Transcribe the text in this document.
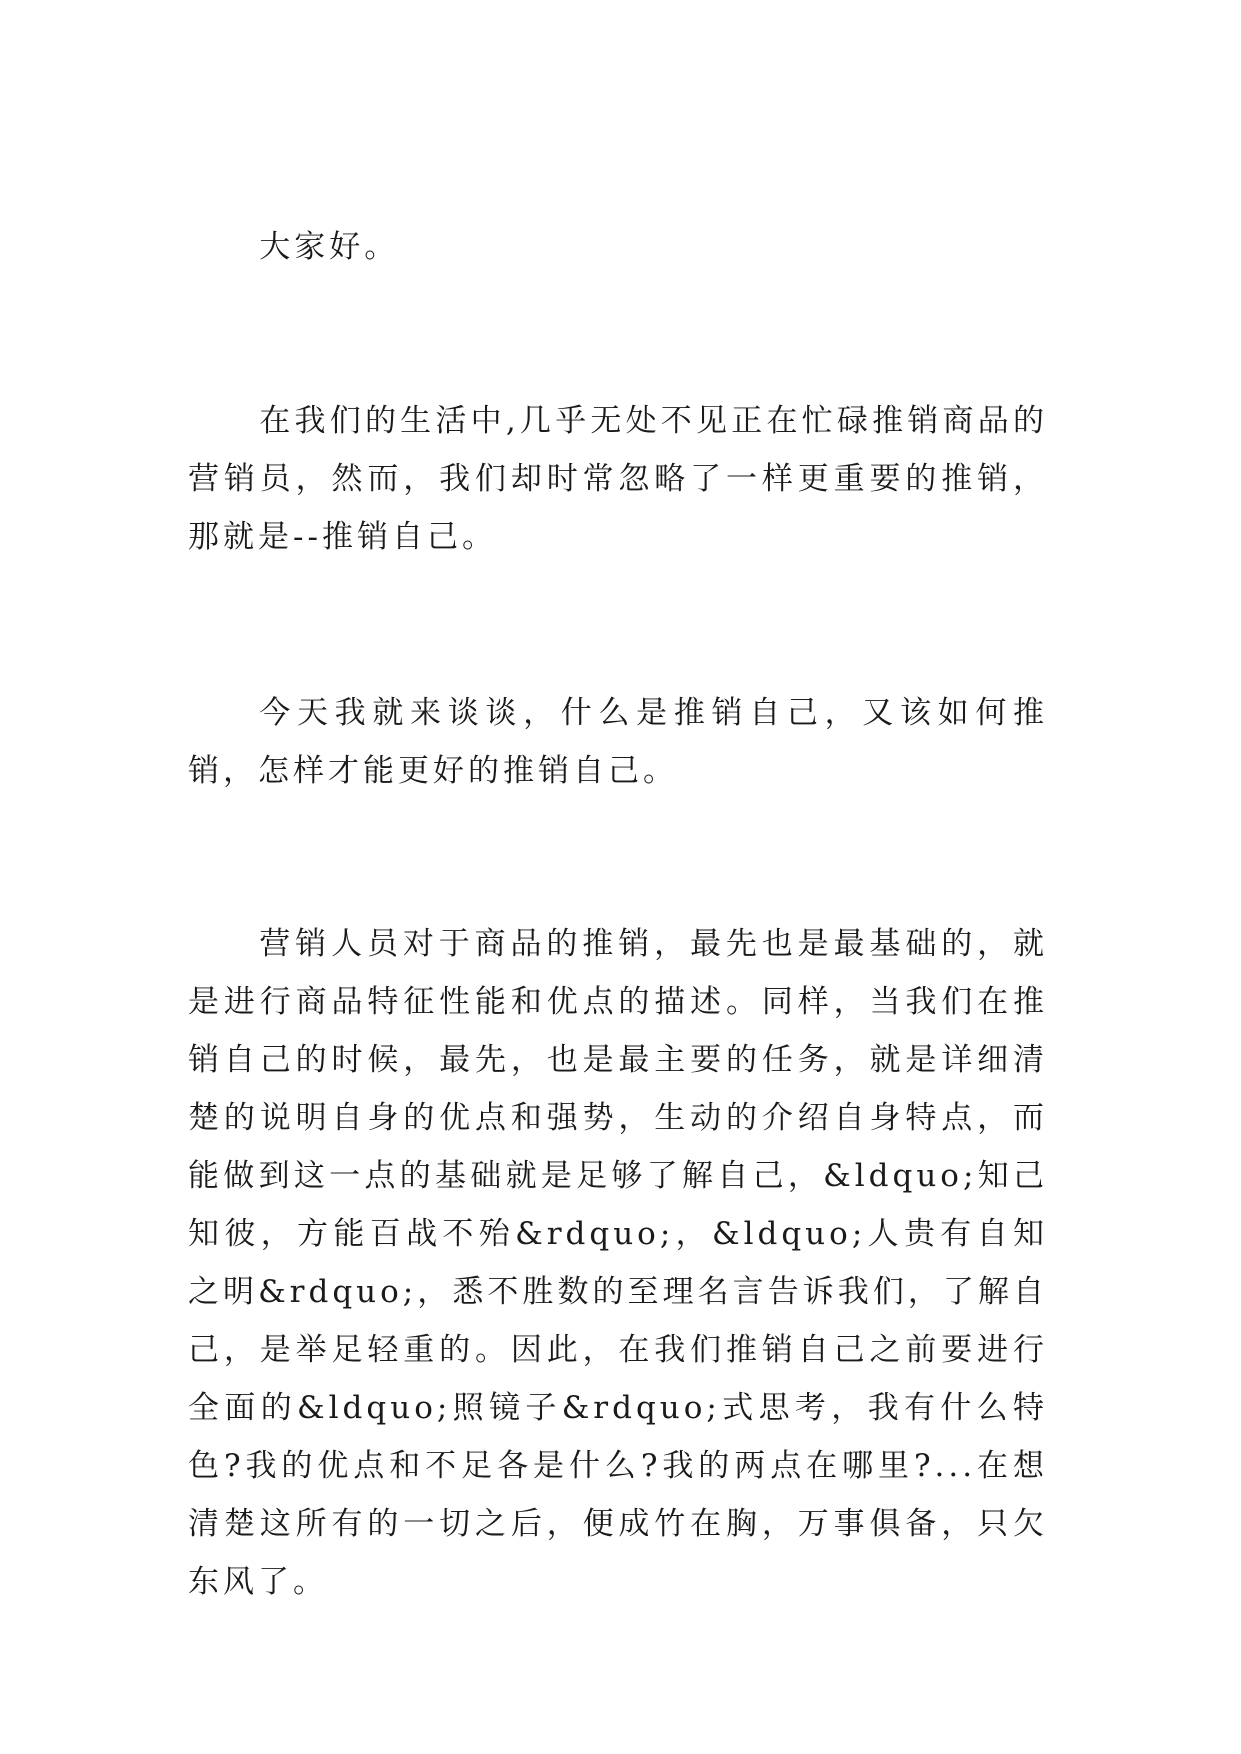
大家好。

在我们的生活中,几乎无处不见正在忙碌推销商品的营销员，然而，我们却时常忽略了一样更重要的推销，那就是--推销自己。

今天我就来谈谈，什么是推销自己，又该如何推销，怎样才能更好的推销自己。

营销人员对于商品的推销，最先也是最基础的，就是进行商品特征性能和优点的描述。同样，当我们在推销自己的时候，最先，也是最主要的任务，就是详细清楚的说明自身的优点和强势，生动的介绍自身特点，而能做到这一点的基础就是足够了解自己，&ldquo;知己知彼，方能百战不殆&rdquo;，&ldquo;人贵有自知之明&rdquo;，悉不胜数的至理名言告诉我们，了解自己，是举足轻重的。因此，在我们推销自己之前要进行全面的&ldquo;照镜子&rdquo;式思考，我有什么特色?我的优点和不足各是什么?我的两点在哪里?...在想清楚这所有的一切之后，便成竹在胸，万事俱备，只欠东风了。
